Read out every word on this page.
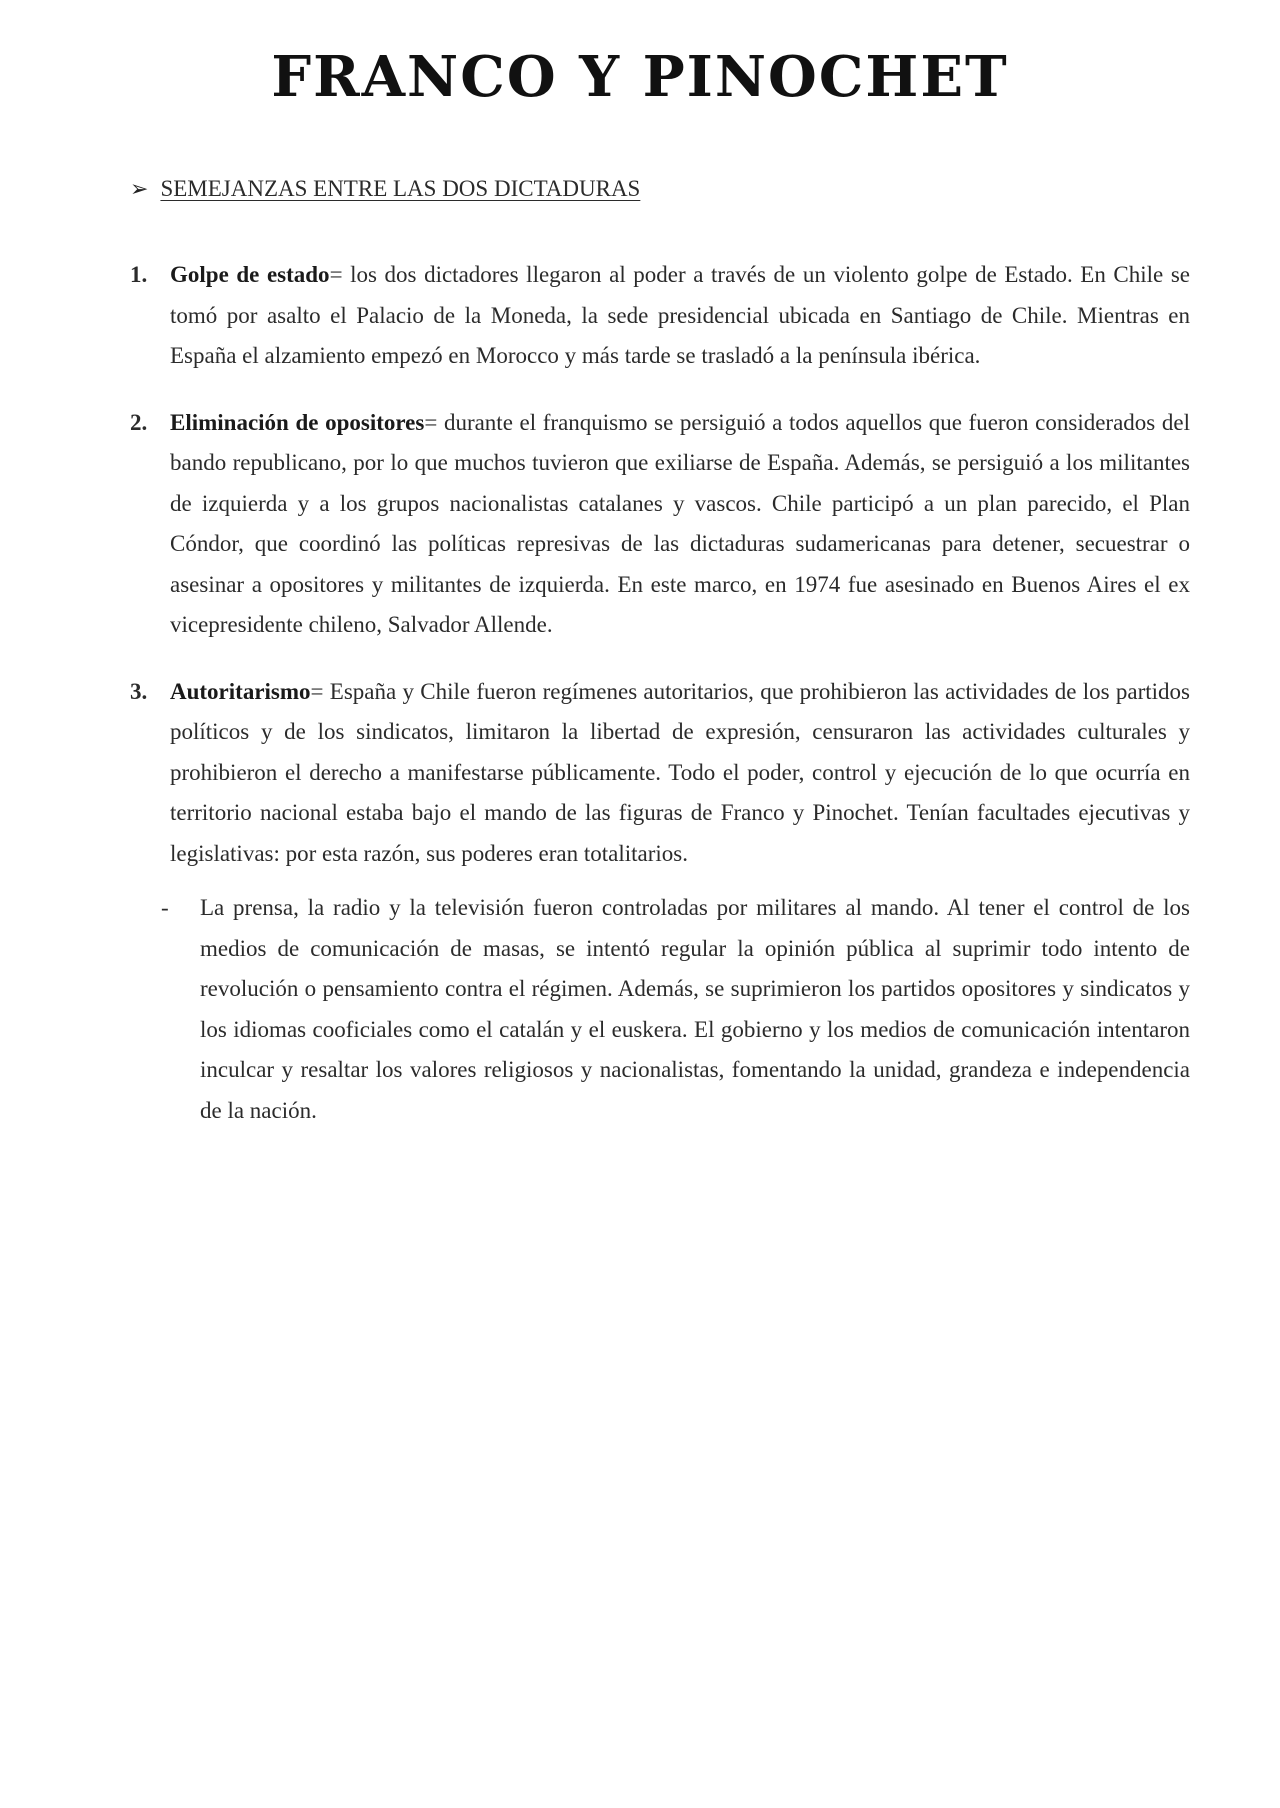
FRANCO Y PINOCHET
➢ SEMEJANZAS ENTRE LAS DOS DICTADURAS
1. Golpe de estado= los dos dictadores llegaron al poder a través de un violento golpe de Estado. En Chile se tomó por asalto el Palacio de la Moneda, la sede presidencial ubicada en Santiago de Chile. Mientras en España el alzamiento empezó en Morocco y más tarde se trasladó a la península ibérica.
2. Eliminación de opositores= durante el franquismo se persiguió a todos aquellos que fueron considerados del bando republicano, por lo que muchos tuvieron que exiliarse de España. Además, se persiguió a los militantes de izquierda y a los grupos nacionalistas catalanes y vascos. Chile participó a un plan parecido, el Plan Cóndor, que coordinó las políticas represivas de las dictaduras sudamericanas para detener, secuestrar o asesinar a opositores y militantes de izquierda. En este marco, en 1974 fue asesinado en Buenos Aires el ex vicepresidente chileno, Salvador Allende.
3. Autoritarismo= España y Chile fueron regímenes autoritarios, que prohibieron las actividades de los partidos políticos y de los sindicatos, limitaron la libertad de expresión, censuraron las actividades culturales y prohibieron el derecho a manifestarse públicamente. Todo el poder, control y ejecución de lo que ocurría en territorio nacional estaba bajo el mando de las figuras de Franco y Pinochet. Tenían facultades ejecutivas y legislativas: por esta razón, sus poderes eran totalitarios.
- La prensa, la radio y la televisión fueron controladas por militares al mando. Al tener el control de los medios de comunicación de masas, se intentó regular la opinión pública al suprimir todo intento de revolución o pensamiento contra el régimen. Además, se suprimieron los partidos opositores y sindicatos y los idiomas cooficiales como el catalán y el euskera. El gobierno y los medios de comunicación intentaron inculcar y resaltar los valores religiosos y nacionalistas, fomentando la unidad, grandeza e independencia de la nación.
